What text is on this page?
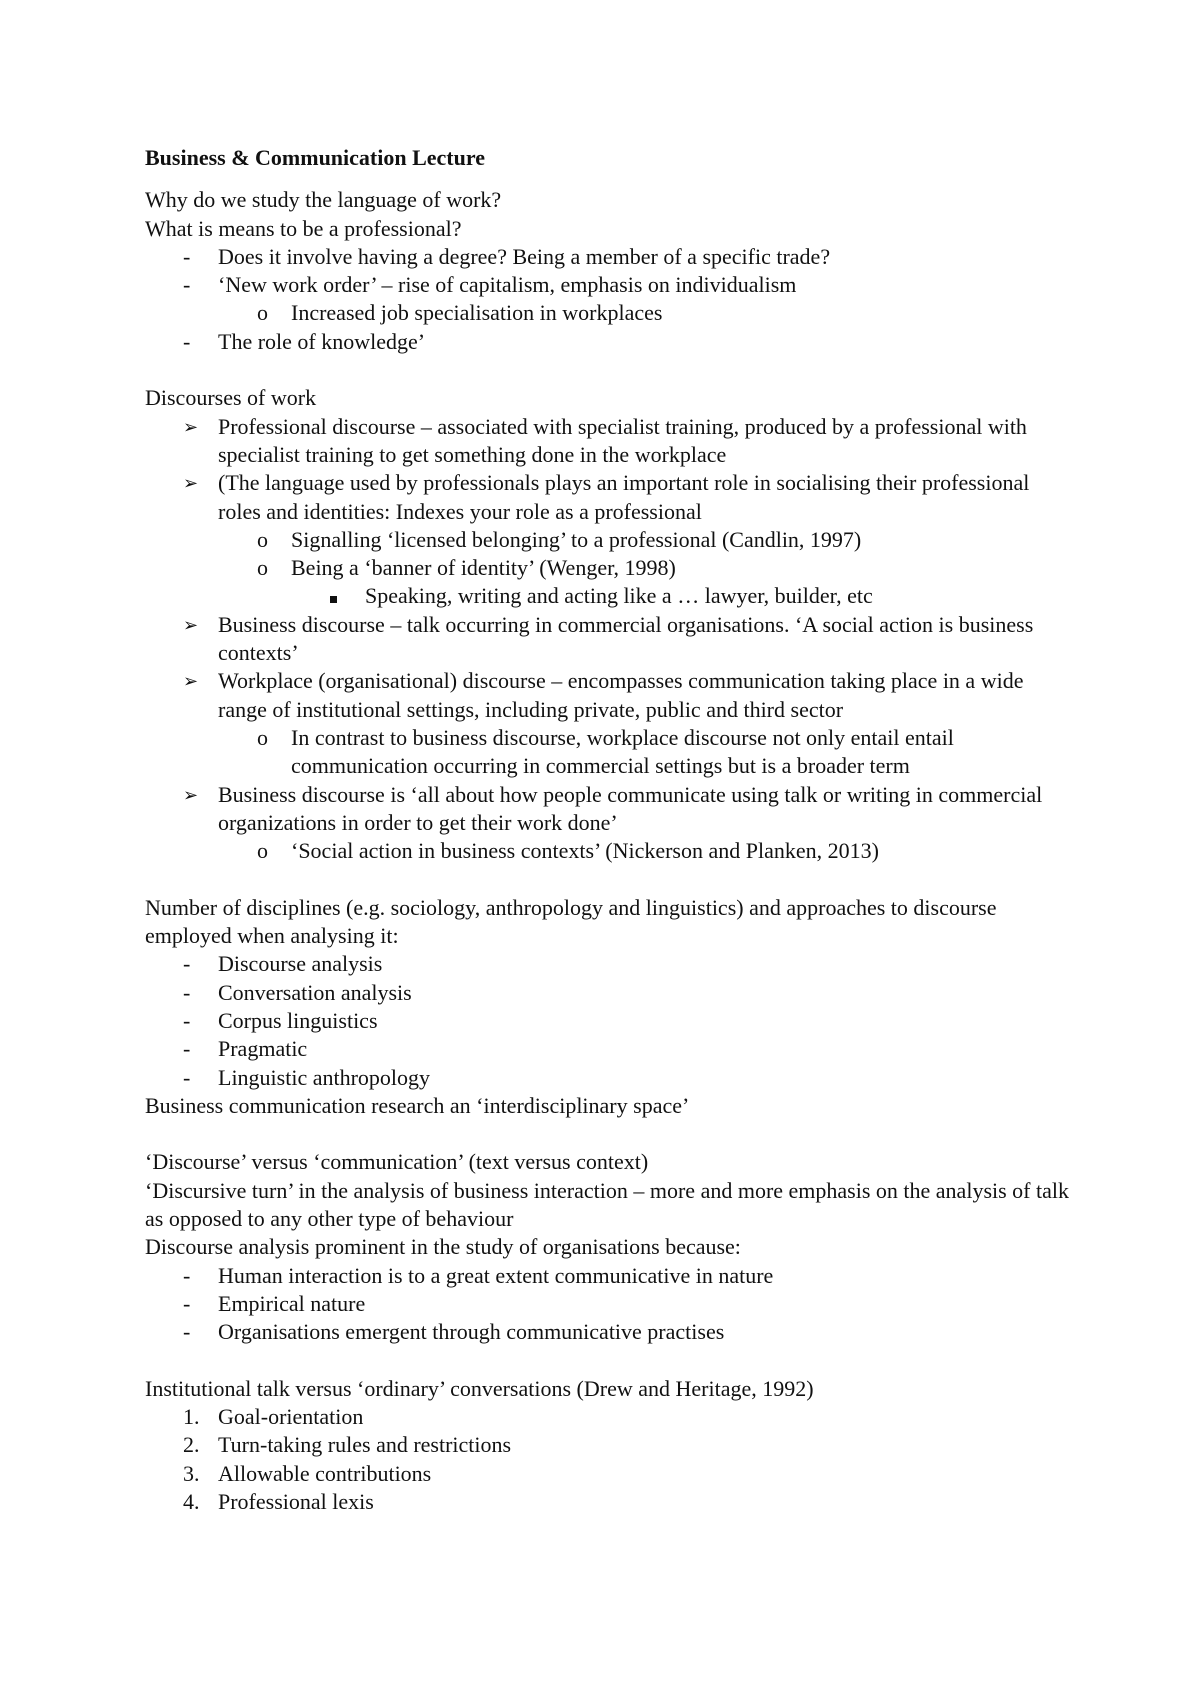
Business & Communication Lecture
Why do we study the language of work?
What is means to be a professional?
- Does it involve having a degree? Being a member of a specific trade?
- ‘New work order’ – rise of capitalism, emphasis on individualism
o Increased job specialisation in workplaces
- The role of knowledge’
Discourses of work
➢ Professional discourse – associated with specialist training, produced by a professional with specialist training to get something done in the workplace
➢ (The language used by professionals plays an important role in socialising their professional roles and identities: Indexes your role as a professional
o Signalling ‘licensed belonging’ to a professional (Candlin, 1997)
o Being a ‘banner of identity’ (Wenger, 1998)
Speaking, writing and acting like a … lawyer, builder, etc
➢ Business discourse – talk occurring in commercial organisations. ‘A social action is business contexts’
➢ Workplace (organisational) discourse – encompasses communication taking place in a wide range of institutional settings, including private, public and third sector
o In contrast to business discourse, workplace discourse not only entail entail communication occurring in commercial settings but is a broader term
➢ Business discourse is ‘all about how people communicate using talk or writing in commercial organizations in order to get their work done’
o ‘Social action in business contexts’ (Nickerson and Planken, 2013)
Number of disciplines (e.g. sociology, anthropology and linguistics) and approaches to discourse employed when analysing it:
- Discourse analysis
- Conversation analysis
- Corpus linguistics
- Pragmatic
- Linguistic anthropology
Business communication research an ‘interdisciplinary space’
‘Discourse’ versus ‘communication’ (text versus context)
‘Discursive turn’ in the analysis of business interaction – more and more emphasis on the analysis of talk as opposed to any other type of behaviour
Discourse analysis prominent in the study of organisations because:
- Human interaction is to a great extent communicative in nature
- Empirical nature
- Organisations emergent through communicative practises
Institutional talk versus ‘ordinary’ conversations (Drew and Heritage, 1992)
1. Goal-orientation
2. Turn-taking rules and restrictions
3. Allowable contributions
4. Professional lexis
